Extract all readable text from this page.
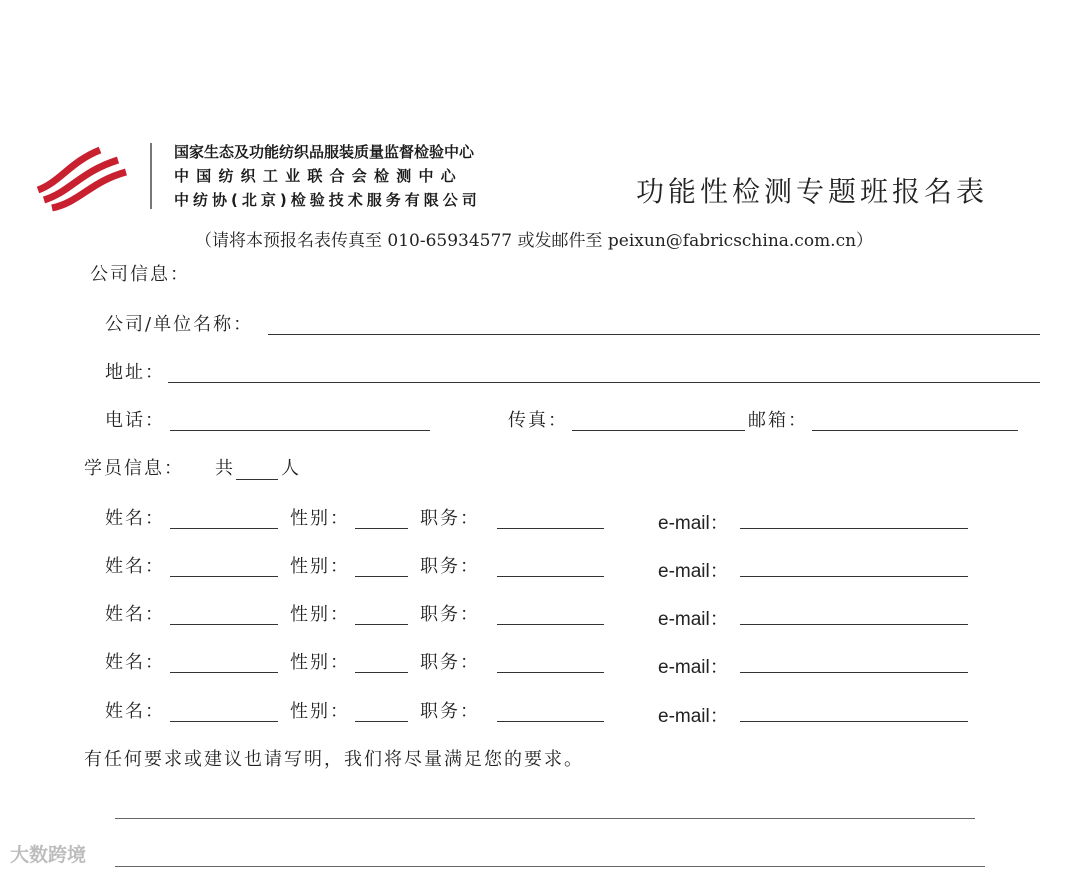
国家生态及功能纺织品服装质量监督检验中心
中 国 纺 织 工 业 联 合 会 检 测 中 心
中纺协(北京)检验技术服务有限公司	功能性检测专题班报名表
（请将本预报名表传真至 010-65934577 或发邮件至 peixun@fabricschina.com.cn）
公司信息：
公司/单位名称：
地址：
电话：	传真：	邮箱：
学员信息： 共	人
姓名：	性别：	职务：	e-mail：
姓名：	性别：	职务：	e-mail：
姓名：	性别：	职务：	e-mail：
姓名：	性别：	职务：	e-mail：
姓名：	性别：	职务：	e-mail：
有任何要求或建议也请写明，我们将尽量满足您的要求。
大数跨境
